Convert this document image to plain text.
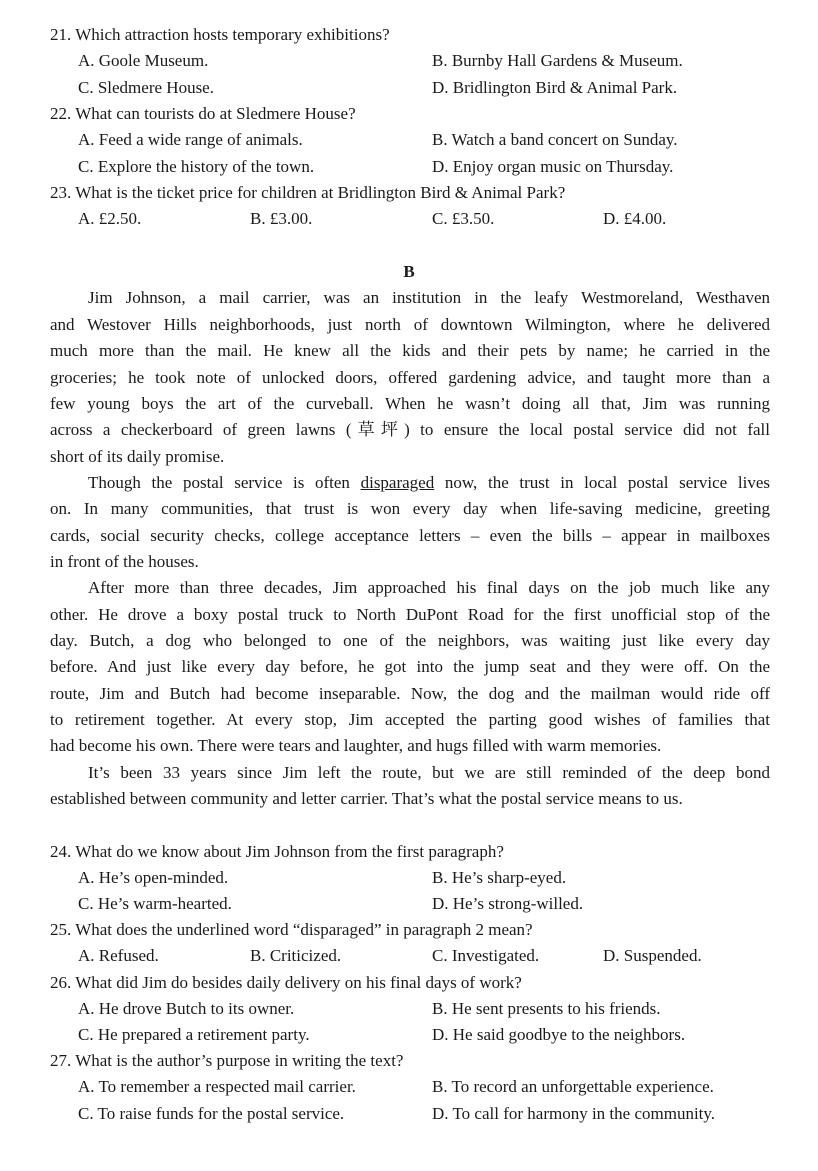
21. Which attraction hosts temporary exhibitions?
A. Goole Museum.	B. Burnby Hall Gardens & Museum.
C. Sledmere House.	D. Bridlington Bird & Animal Park.
22. What can tourists do at Sledmere House?
A. Feed a wide range of animals.	B. Watch a band concert on Sunday.
C. Explore the history of the town.	D. Enjoy organ music on Thursday.
23. What is the ticket price for children at Bridlington Bird & Animal Park?
A. £2.50.	B. £3.00.	C. £3.50.	D. £4.00.
B
Jim Johnson, a mail carrier, was an institution in the leafy Westmoreland, Westhaven
and Westover Hills neighborhoods, just north of downtown Wilmington, where he delivered
much more than the mail. He knew all the kids and their pets by name; he carried in the
groceries; he took note of unlocked doors, offered gardening advice, and taught more than a
few young boys the art of the curveball. When he wasn’t doing all that, Jim was running
across a checkerboard of green lawns (草坪) to ensure the local postal service did not fall
short of its daily promise.
Though the postal service is often disparaged now, the trust in local postal service lives
on. In many communities, that trust is won every day when life-saving medicine, greeting
cards, social security checks, college acceptance letters – even the bills – appear in mailboxes
in front of the houses.
After more than three decades, Jim approached his final days on the job much like any
other. He drove a boxy postal truck to North DuPont Road for the first unofficial stop of the
day. Butch, a dog who belonged to one of the neighbors, was waiting just like every day
before. And just like every day before, he got into the jump seat and they were off. On the
route, Jim and Butch had become inseparable. Now, the dog and the mailman would ride off
to retirement together. At every stop, Jim accepted the parting good wishes of families that
had become his own. There were tears and laughter, and hugs filled with warm memories.
It’s been 33 years since Jim left the route, but we are still reminded of the deep bond
established between community and letter carrier. That’s what the postal service means to us.
24. What do we know about Jim Johnson from the first paragraph?
A. He’s open-minded.	B. He’s sharp-eyed.
C. He’s warm-hearted.	D. He’s strong-willed.
25. What does the underlined word “disparaged” in paragraph 2 mean?
A. Refused.	B. Criticized.	C. Investigated.	D. Suspended.
26. What did Jim do besides daily delivery on his final days of work?
A. He drove Butch to its owner.	B. He sent presents to his friends.
C. He prepared a retirement party.	D. He said goodbye to the neighbors.
27. What is the author’s purpose in writing the text?
A. To remember a respected mail carrier.	B. To record an unforgettable experience.
C. To raise funds for the postal service.	D. To call for harmony in the community.
